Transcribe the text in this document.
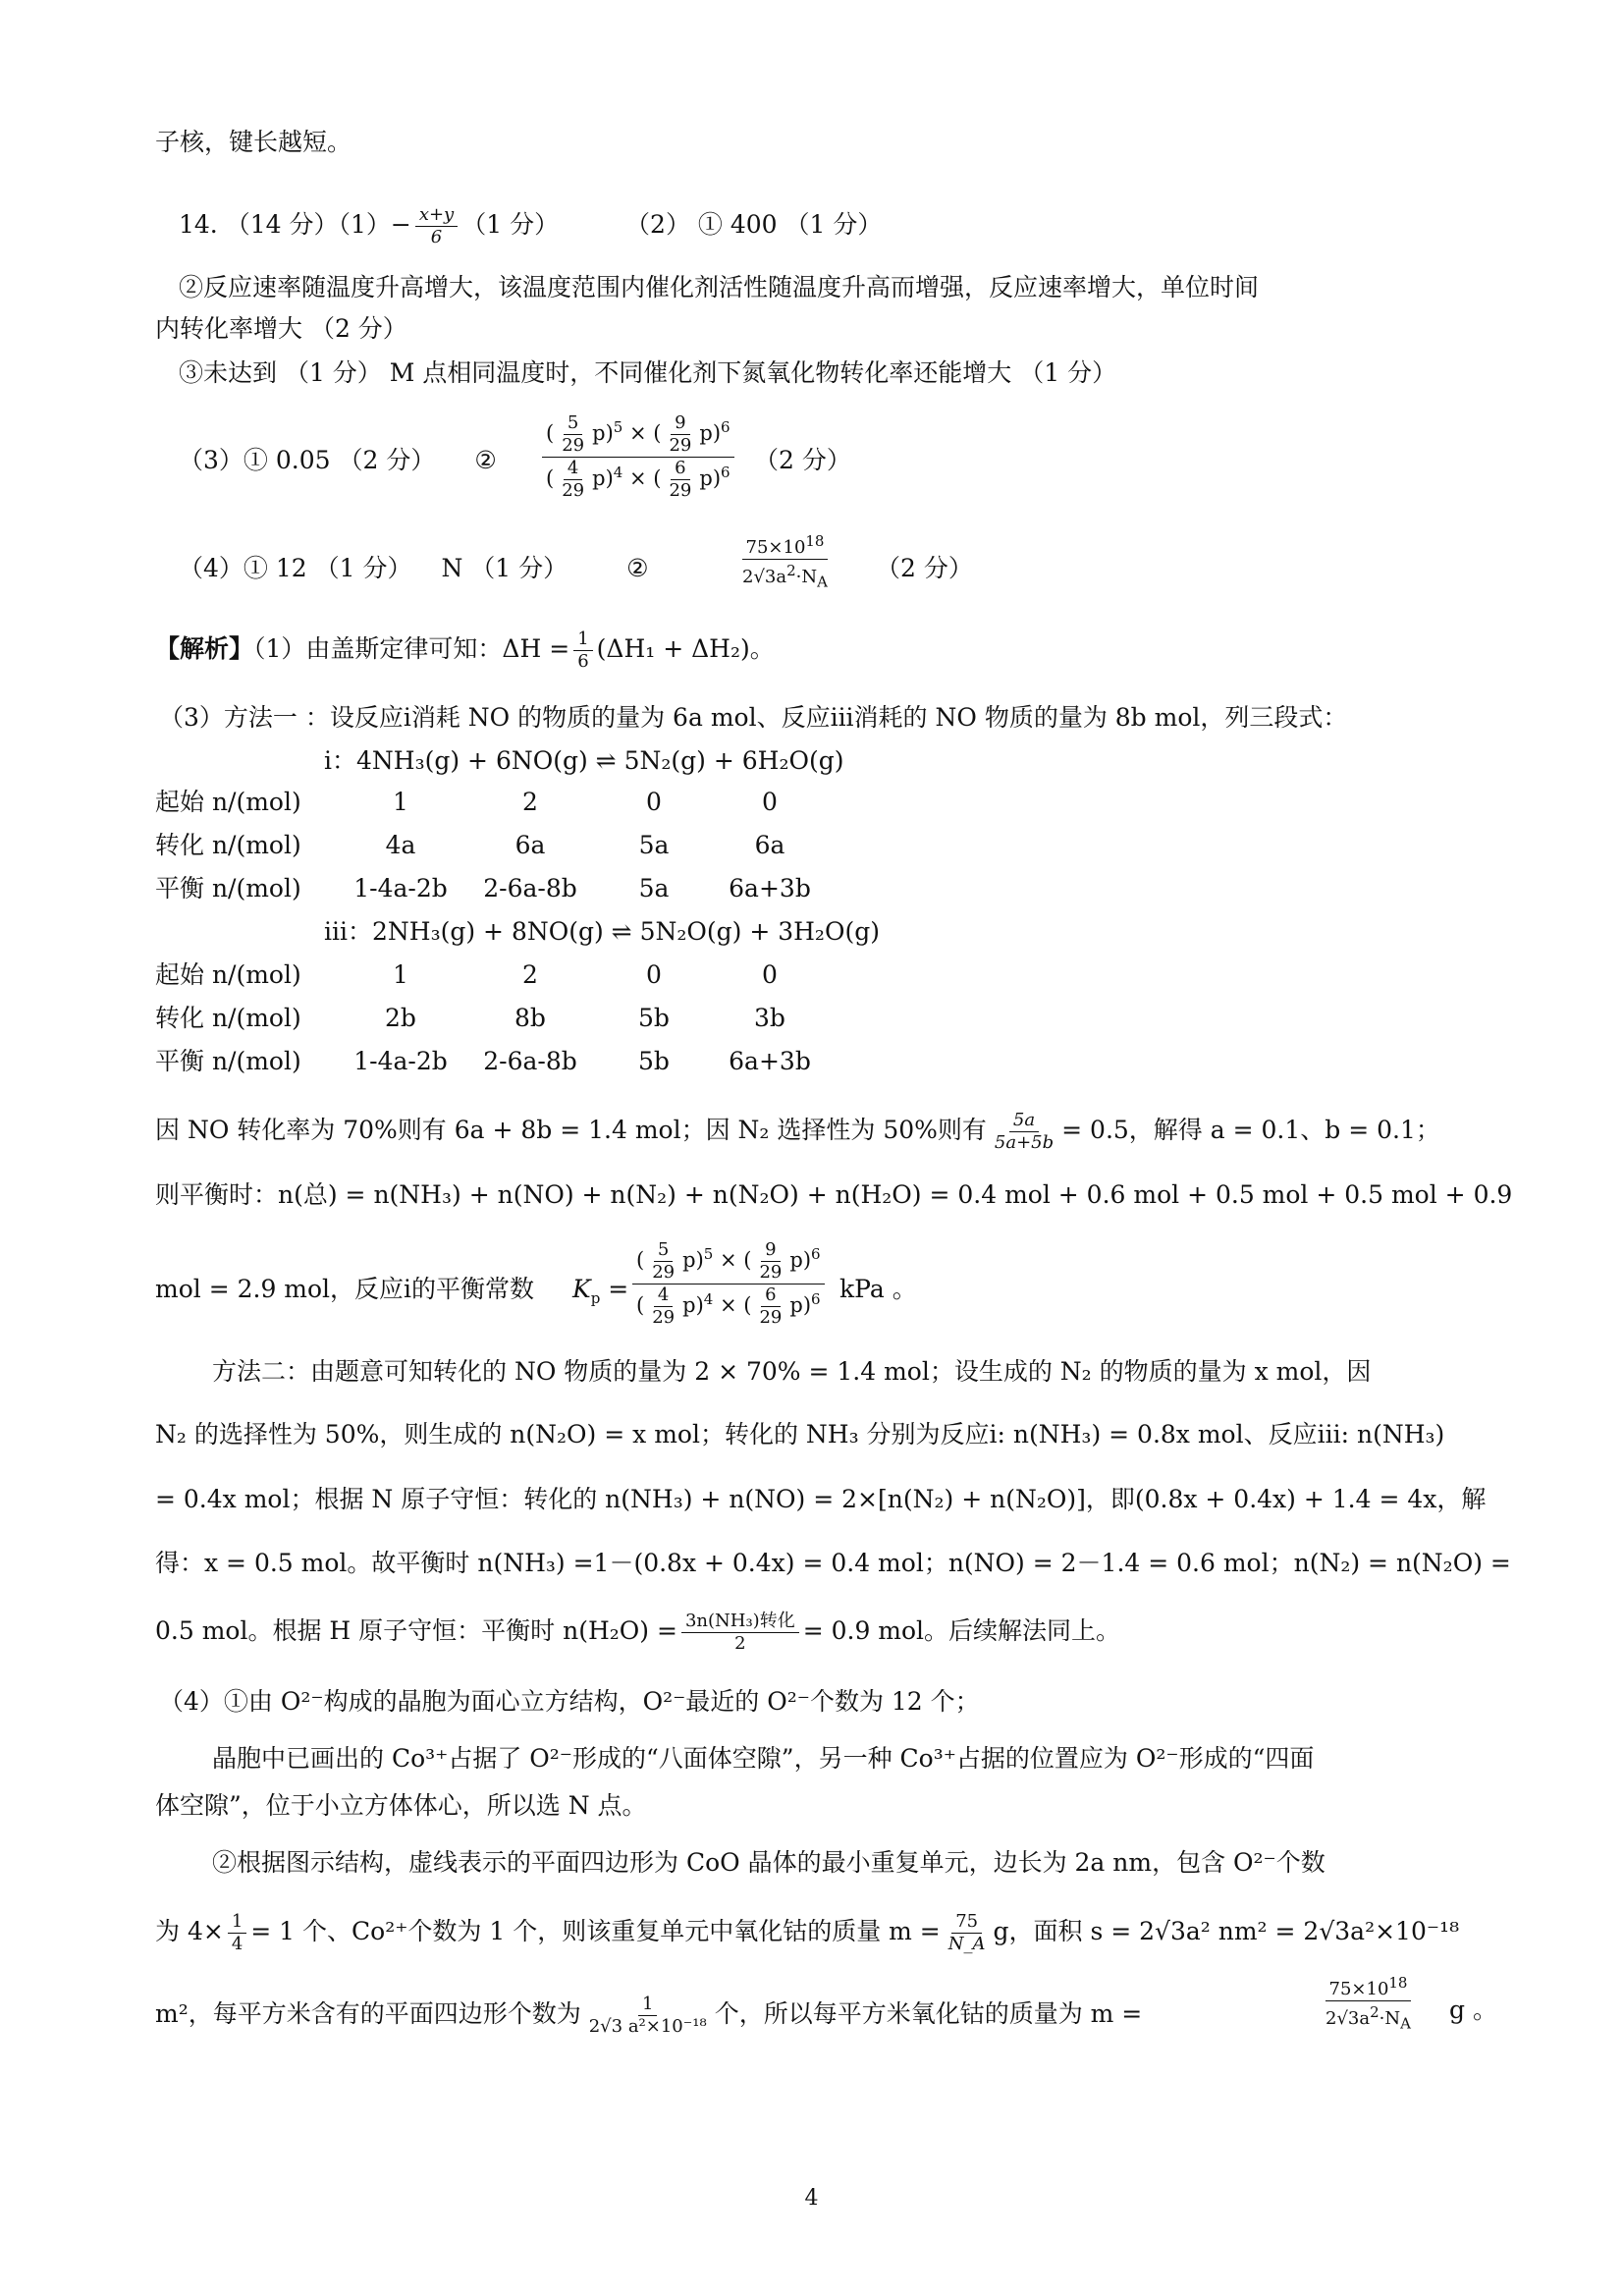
子核，键长越短。
14. （14 分）$(1)- \frac{x+y}{6} (1$ 分）	（2） ① 400 （1 分）
②反应速率随温度升高增大，该温度范围内催化剂活性随温度升高而增强，反应速率增大，单位时间
内转化率增大 （2 分）
③未达到 （1 分） M 点相同温度时，不同催化剂下氮氧化物转化率还能增大 （1 分）
（3）① 0.05 （2 分） ② $\frac{( \frac{5}{29} p)^5 \times ( \frac{9}{29} p)^6}{( \frac{4}{29} p)^4 \times ( \frac{6}{29} p)^6} (2$ 分）
（4）① 12 （1 分） N （1 分） ②	$\frac{75\times 10^{18}}{2√3a^2\cdot N_A} (2$ 分）
【解析】（1）由盖斯定律可知：$\Delta H = \frac{1}{6} (\Delta H_1 + \Delta H_2)$。
（3）方法一 ：设反应i消耗 NO 的物质的量为 6a mol、反应iii消耗的 NO 物质的量为 8b mol，列三段式：
i：4NH₃(g) + 6NO(g) ⇌ 5N₂(g) + 6H₂O(g)
起始 n/(mol)	1	2	0	0
转化 n/(mol)	4a	6a	5a	6a
平衡 n/(mol)	1-4a-2b	2-6a-8b	5a	6a+3b
iii：2NH₃(g) + 8NO(g) ⇌ 5N₂O(g) + 3H₂O(g)
起始 n/(mol)	1	2	0	0
转化 n/(mol)	2b	8b	5b	3b
平衡 n/(mol)	1-4a-2b	2-6a-8b	5b	6a+3b
因 NO 转化率为 70%则有 6a + 8b = 1.4 mol；因 N₂ 选择性为 50%则有 $\frac{5a}{5a+5b} = 0.5$，解得 a = 0.1、b = 0.1；
则平衡时：n(总) = n(NH₃) + n(NO) + n(N₂) + n(N₂O) + n(H₂O) = 0.4 mol + 0.6 mol + 0.5 mol + 0.5 mol + 0.9
mol = 2.9 mol，反应i的平衡常数 $K_p = \frac{( \frac{5}{29} p)^5 \times ( \frac{9}{29} p)^6}{( \frac{4}{29} p)^4 \times ( \frac{6}{29} p)^6}$ kPa 。
方法二：由题意可知转化的 NO 物质的量为 2 × 70% = 1.4 mol；设生成的 N₂ 的物质的量为 x mol，因
N₂ 的选择性为 50%，则生成的 n(N₂O) = x mol；转化的 NH₃ 分别为反应i: n(NH₃) = 0.8x mol、反应iii: n(NH₃)
= 0.4x mol；根据 N 原子守恒：转化的 n(NH₃) + n(NO) = 2×[n(N₂) + n(N₂O)]，即(0.8x + 0.4x) + 1.4 = 4x，解
得：x = 0.5 mol。故平衡时 n(NH₃) =1－(0.8x + 0.4x) = 0.4 mol；n(NO) = 2－1.4 = 0.6 mol；n(N₂) = n(N₂O) =
0.5 mol。根据 H 原子守恒：平衡时 $n(H_2O) = \frac{\text{3n(NH₃)转化}}{2} = 0.9$ mol。后续解法同上。
（4）①由 O²⁻构成的晶胞为面心立方结构，O²⁻最近的 O²⁻个数为 12 个；
晶胞中已画出的 Co³⁺占据了 O²⁻形成的“八面体空隙”，另一种 Co³⁺占据的位置应为 O²⁻形成的“四面
体空隙”，位于小立方体体心，所以选 N 点。
②根据图示结构，虚线表示的平面四边形为 CoO 晶体的最小重复单元，边长为 2a nm，包含 O²⁻个数
为 $4\times \frac{1}{4} = 1$ 个、Co²⁺个数为 1 个，则该重复单元中氧化钴的质量 $m = \frac{75}{N\_A}$ g，面积 s = 2√3a² nm² = 2√3a²×10⁻¹⁸
m²，每平方米含有的平面四边形个数为 $\frac{1}{\text{2√3 a²×10⁻¹⁸}}$ 个，所以每平方米氧化钴的质量为 m =	$\frac{75\times 10^{18}}{2√3a^2\cdot N_A}$ g 。
4
